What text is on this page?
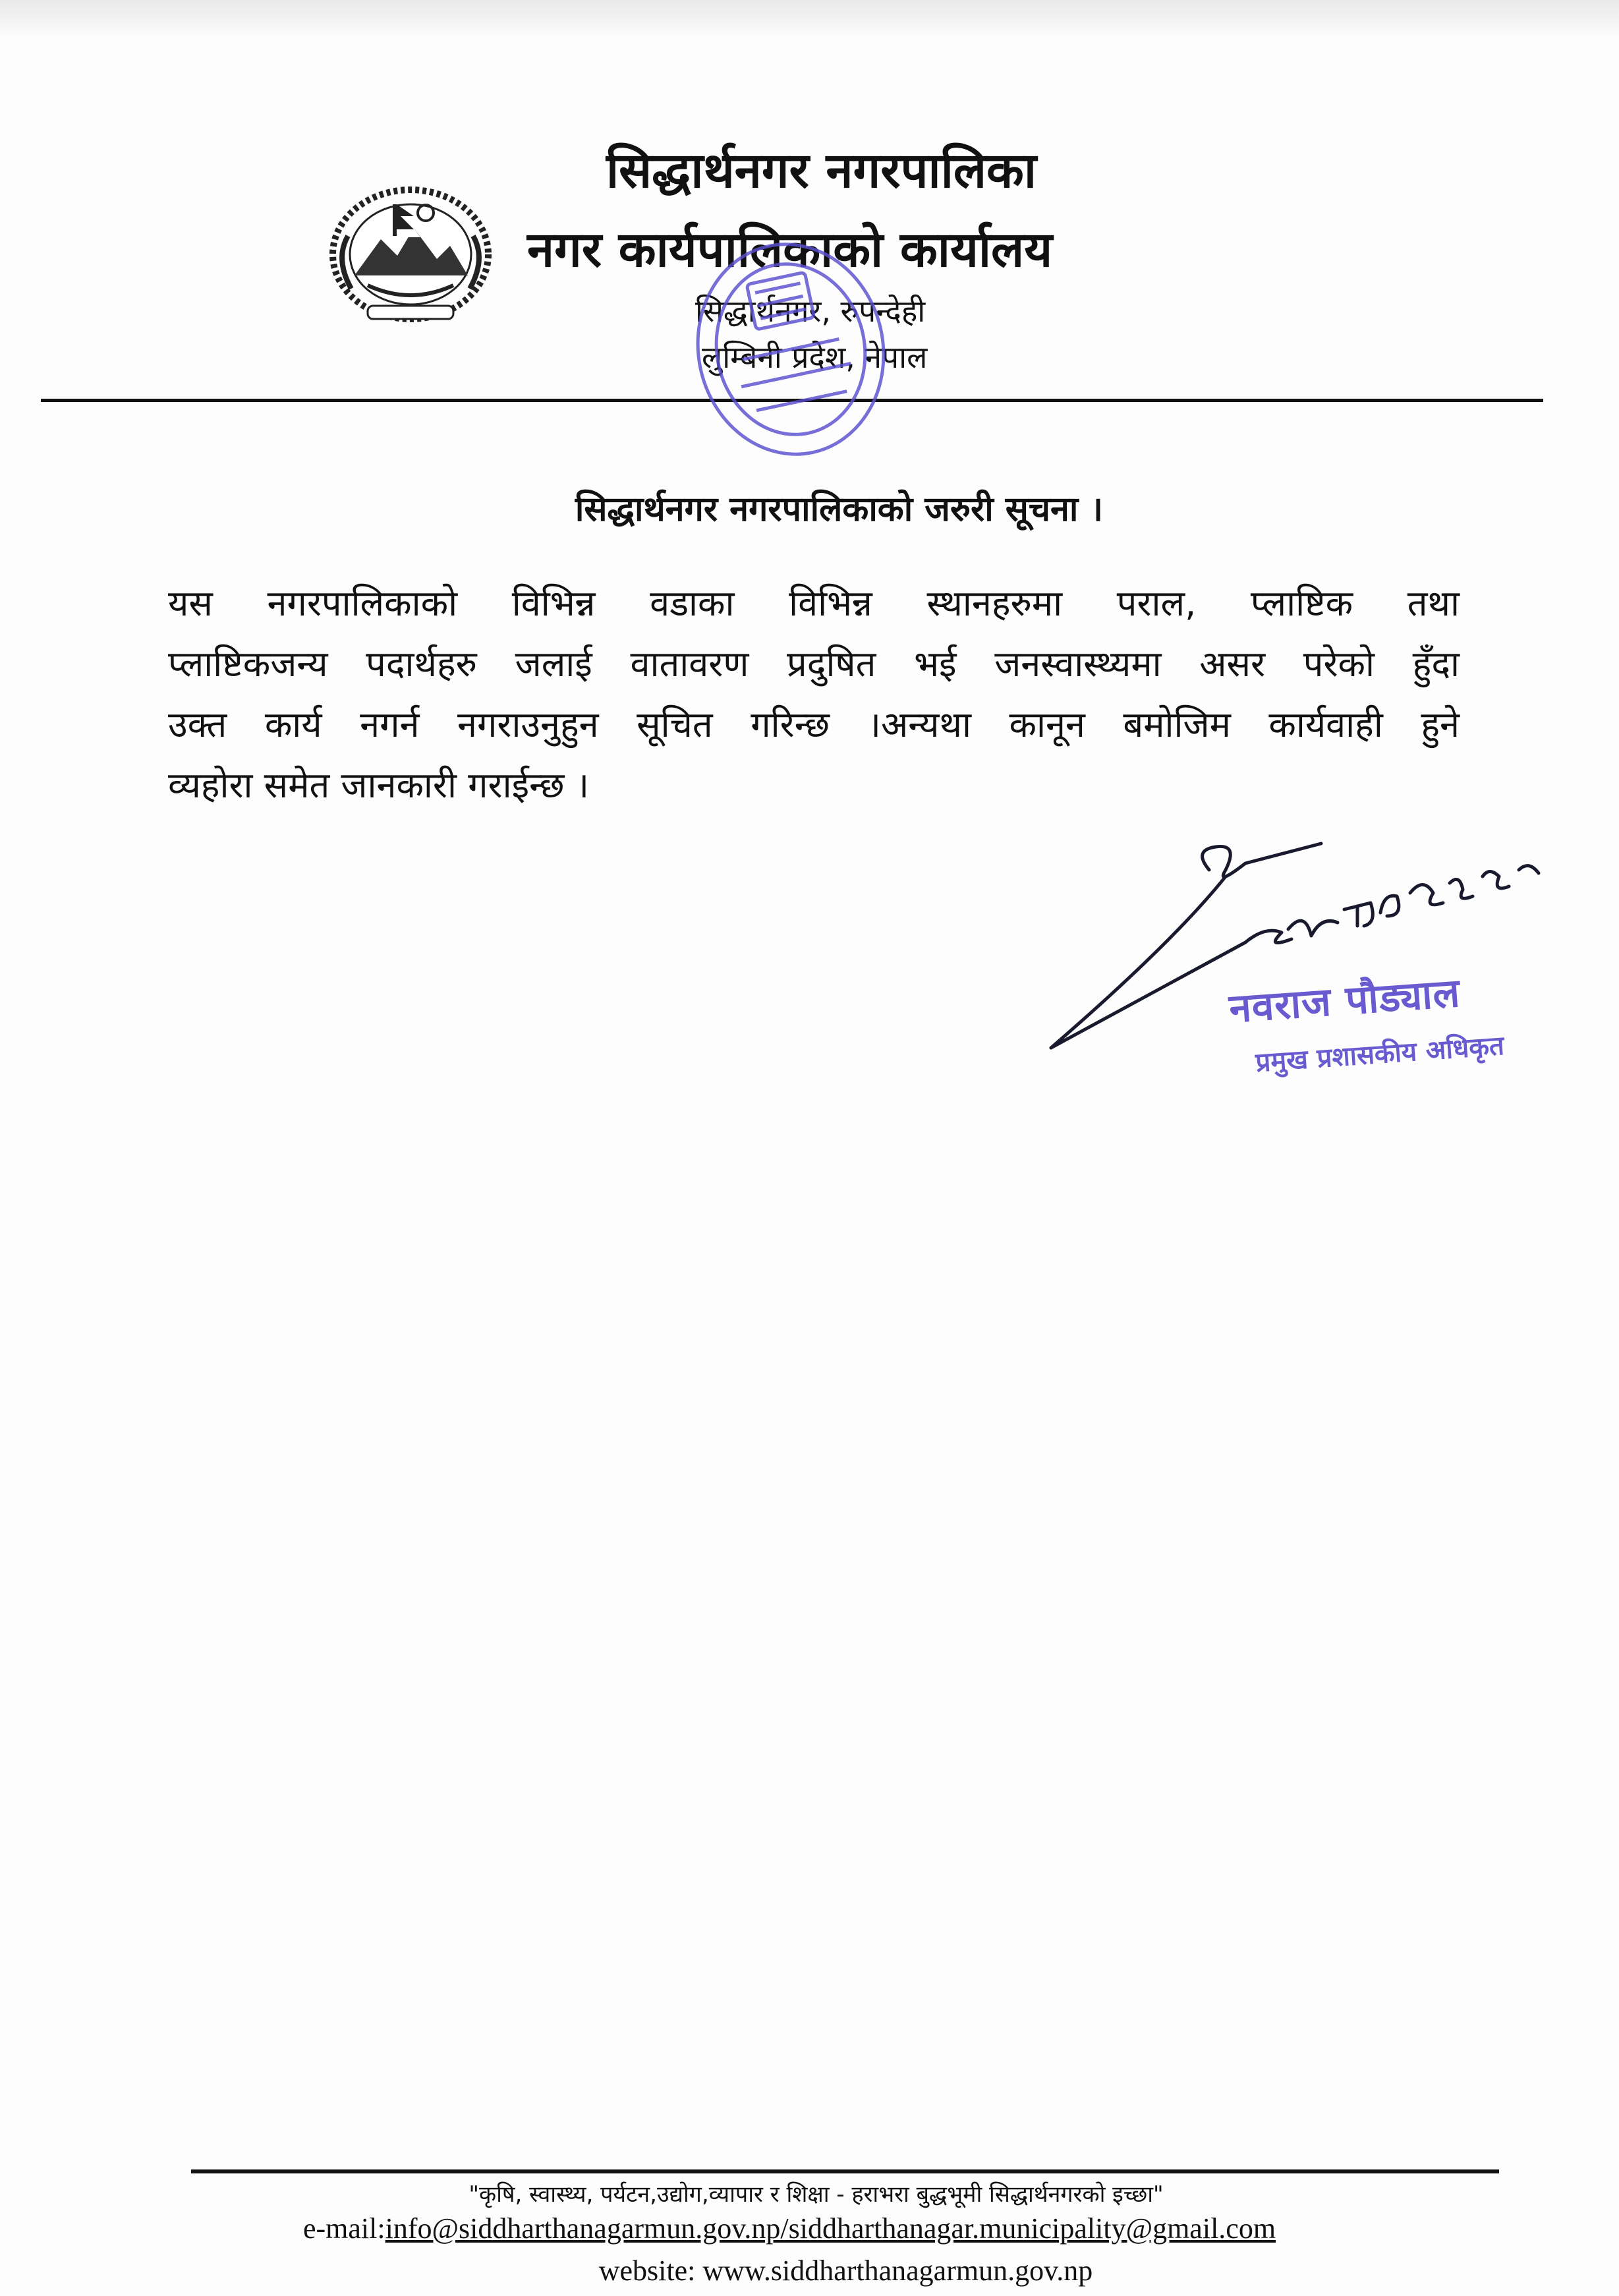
सिद्धार्थनगर नगरपालिका
नगर कार्यपालिकाको कार्यालय
सिद्धार्थनगर, रुपन्देही
लुम्बिनी प्रदेश, नेपाल
सिद्धार्थनगर नगरपालिकाको जरुरी सूचना ।
यस नगरपालिकाको विभिन्न वडाका विभिन्न स्थानहरुमा पराल, प्लाष्टिक तथा
प्लाष्टिकजन्य पदार्थहरु जलाई वातावरण प्रदुषित भई जनस्वास्थ्यमा असर परेको हुँदा
उक्त कार्य नगर्न नगराउनुहुन सूचित गरिन्छ ।अन्यथा कानून बमोजिम कार्यवाही हुने
व्यहोरा समेत जानकारी गराईन्छ ।
नवराज पौड्याल
प्रमुख प्रशासकीय अधिकृत
"कृषि, स्वास्थ्य, पर्यटन,उद्योग,व्यापार र शिक्षा - हराभरा बुद्धभूमी सिद्धार्थनगरको इच्छा"
e-mail:info@siddharthanagarmun.gov.np/siddharthanagar.municipality@gmail.com
website: www.siddharthanagarmun.gov.np
